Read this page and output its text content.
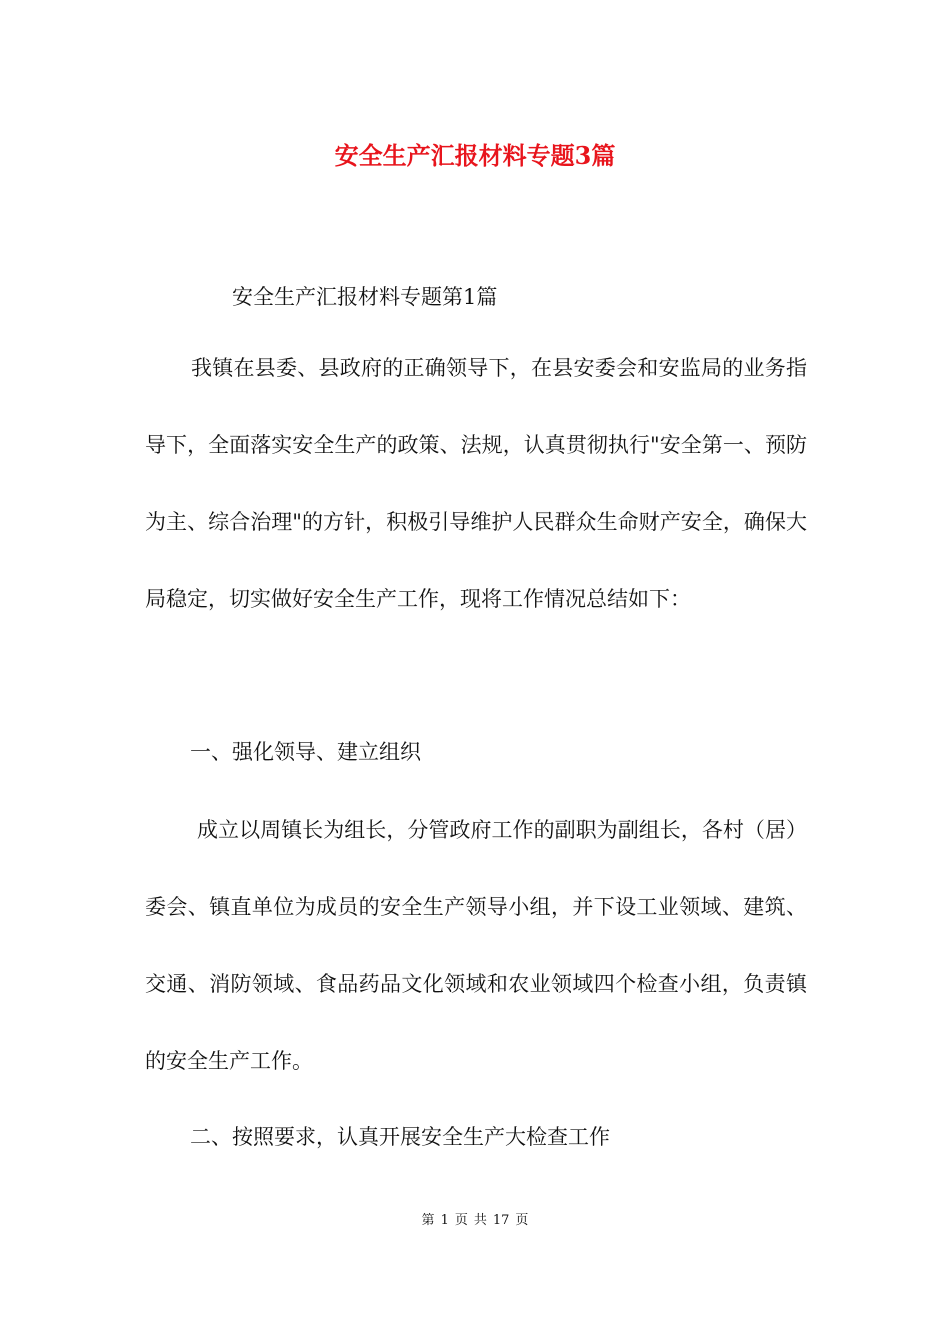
安全生产汇报材料专题3篇
安全生产汇报材料专题第1篇
我镇在县委、县政府的正确领导下，在县安委会和安监局的业务指导下，全面落实安全生产的政策、法规，认真贯彻执行"安全第一、预防为主、综合治理"的方针，积极引导维护人民群众生命财产安全，确保大局稳定，切实做好安全生产工作，现将工作情况总结如下：
一、强化领导、建立组织
成立以周镇长为组长，分管政府工作的副职为副组长，各村（居）委会、镇直单位为成员的安全生产领导小组，并下设工业领域、建筑、交通、消防领域、食品药品文化领域和农业领域四个检查小组，负责镇的安全生产工作。
二、按照要求，认真开展安全生产大检查工作
第 1 页 共 17 页
